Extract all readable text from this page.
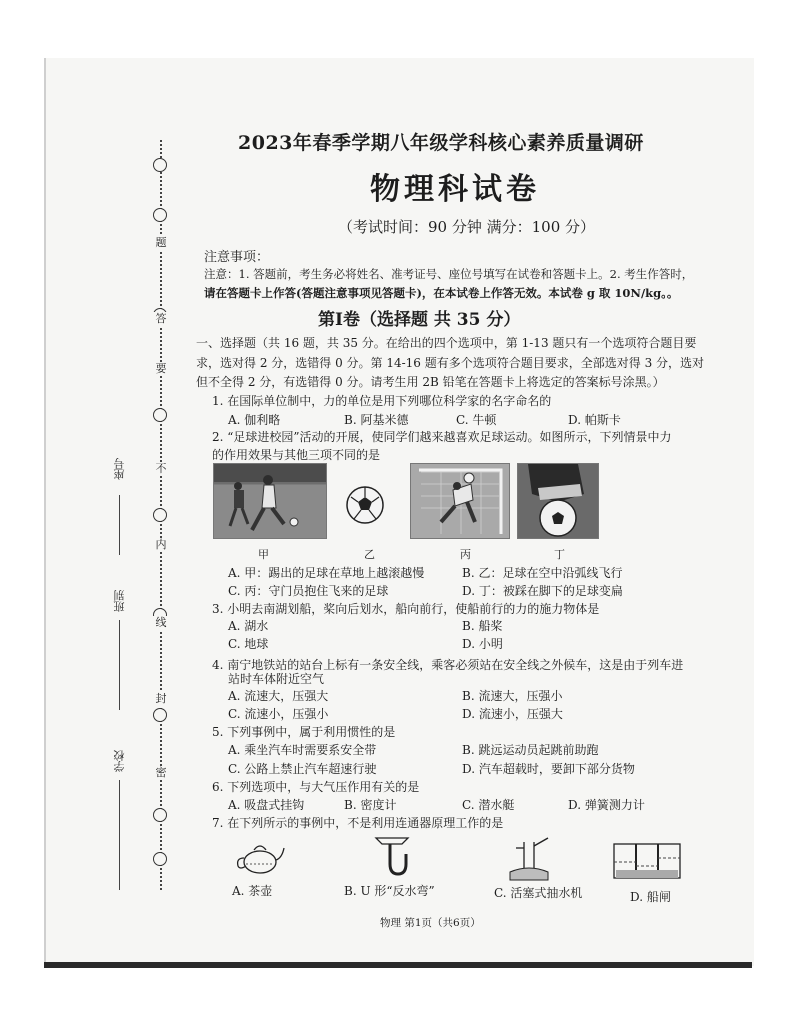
题
答
要
不
内
线
封
密
座号
班别
学校
2023年春季学期八年级学科核心素养质量调研
物理科试卷
（考试时间：90 分钟 满分：100 分）
注意事项：
注意：1. 答题前，考生务必将姓名、准考证号、座位号填写在试卷和答题卡上。2. 考生作答时，
请在答题卡上作答(答题注意事项见答题卡)，在本试卷上作答无效。本试卷 g 取 10N/kg。。
第Ⅰ卷（选择题 共 35 分）
一、选择题（共 16 题，共 35 分。在给出的四个选项中，第 1-13 题只有一个选项符合题目要
求，选对得 2 分，选错得 0 分。第 14-16 题有多个选项符合题目要求，全部选对得 3 分，选对
但不全得 2 分，有选错得 0 分。请考生用 2B 铅笔在答题卡上将选定的答案标号涂黑。）
1. 在国际单位制中，力的单位是用下列哪位科学家的名字命名的
A. 伽利略	B. 阿基米德	C. 牛顿	D. 帕斯卡
2. “足球进校园”活动的开展，使同学们越来越喜欢足球运动。如图所示，下列情景中力
的作用效果与其他三项不同的是
甲	乙	丙	丁
A. 甲：踢出的足球在草地上越滚越慢	B. 乙：足球在空中沿弧线飞行
C. 丙：守门员抱住飞来的足球	D. 丁：被踩在脚下的足球变扁
3. 小明去南湖划船，桨向后划水，船向前行，使船前行的力的施力物体是
A. 湖水	B. 船桨
C. 地球	D. 小明
4. 南宁地铁站的站台上标有一条安全线，乘客必须站在安全线之外候车，这是由于列车进
站时车体附近空气
A. 流速大，压强大	B. 流速大，压强小
C. 流速小，压强小	D. 流速小，压强大
5. 下列事例中，属于利用惯性的是
A. 乘坐汽车时需要系安全带	B. 跳远运动员起跳前助跑
C. 公路上禁止汽车超速行驶	D. 汽车超载时，要卸下部分货物
6. 下列选项中，与大气压作用有关的是
A. 吸盘式挂钩	B. 密度计	C. 潜水艇	D. 弹簧测力计
7. 在下列所示的事例中，不是利用连通器原理工作的是
A. 茶壶	B. U 形“反水弯”	C. 活塞式抽水机	D. 船闸
物理 第1页（共6页）
